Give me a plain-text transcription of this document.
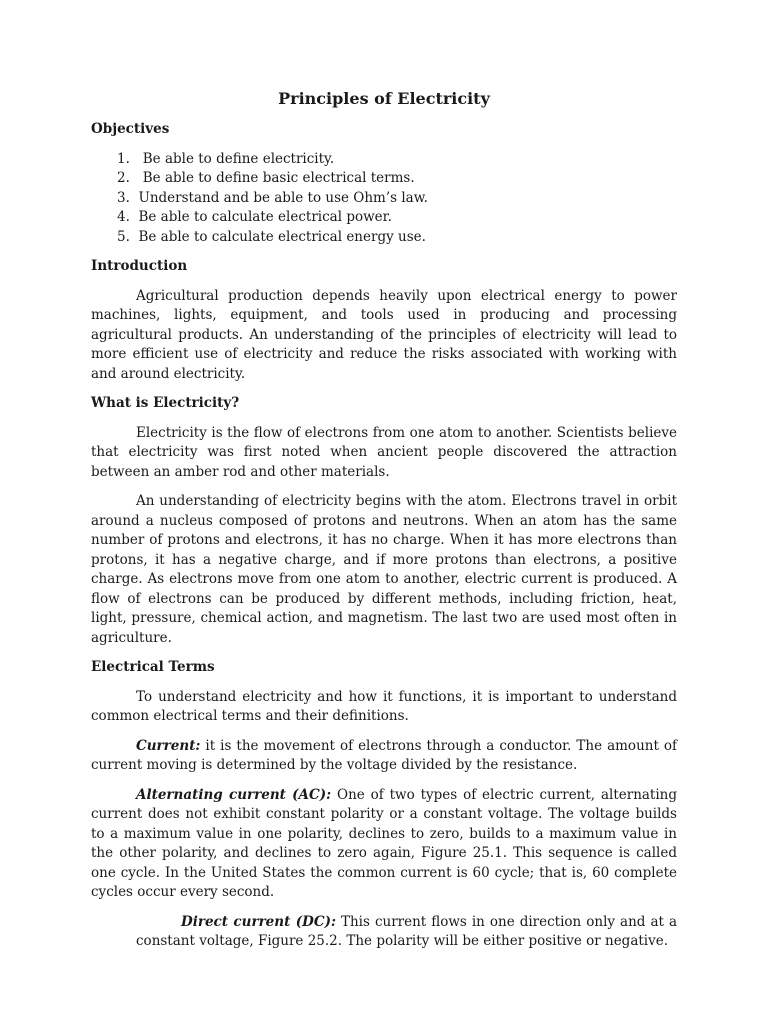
Principles of Electricity
Objectives
1.   Be able to define electricity.
2.   Be able to define basic electrical terms.
3.  Understand and be able to use Ohm’s law.
4.  Be able to calculate electrical power.
5.  Be able to calculate electrical energy use.
Introduction

Agricultural production depends heavily upon electrical energy to power machines, lights, equipment, and tools used in producing and processing agricultural products. An understanding of the principles of electricity will lead to more efficient use of electricity and reduce the risks associated with working with and around electricity.

What is Electricity?

Electricity is the flow of electrons from one atom to another. Scientists believe that electricity was first noted when ancient people discovered the attraction between an amber rod and other materials.

An understanding of electricity begins with the atom. Electrons travel in orbit around a nucleus composed of protons and neutrons. When an atom has the same number of protons and electrons, it has no charge. When it has more electrons than protons, it has a negative charge, and if more protons than electrons, a positive charge. As electrons move from one atom to another, electric current is produced. A flow of electrons can be produced by different methods, including friction, heat, light, pressure, chemical action, and magnetism. The last two are used most often in agriculture.

Electrical Terms

To understand electricity and how it functions, it is important to understand common electrical terms and their definitions.

Current: it is the movement of electrons through a conductor. The amount of current moving is determined by the voltage divided by the resistance.

Alternating current (AC): One of two types of electric current, alternating current does not exhibit constant polarity or a constant voltage. The voltage builds to a maximum value in one polarity, declines to zero, builds to a maximum value in the other polarity, and declines to zero again, Figure 25.1. This sequence is called one cycle. In the United States the common current is 60 cycle; that is, 60 complete cycles occur every second.

Direct current (DC): This current flows in one direction only and at a constant voltage, Figure 25.2. The polarity will be either positive or negative.
